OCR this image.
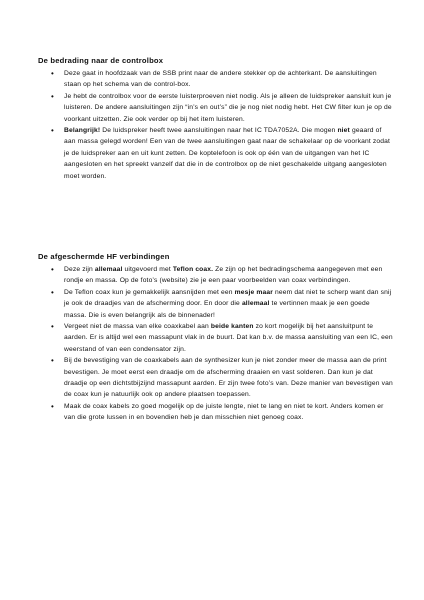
De bedrading naar de controlbox
• Deze gaat in hoofdzaak van de SSB print naar de andere stekker op de achterkant. De aansluitingen staan op het schema van de control-box.
• Je hebt de controlbox voor de eerste luisterproeven niet nodig. Als je alleen de luidspreker aansluit kun je luisteren. De andere aansluitingen zijn “in’s en out’s” die je nog niet nodig hebt. Het CW filter kun je op de voorkant uitzetten. Zie ook verder op bij het item luisteren.
• Belangrijk! De luidspreker heeft twee aansluitingen naar het IC TDA7052A. Die mogen niet geaard of aan massa gelegd worden! Een van de twee aansluitingen gaat naar de schakelaar op de voorkant zodat je de luidspreker aan en uit kunt zetten. De koptelefoon is ook op één van de uitgangen van het IC aangesloten en het spreekt vanzelf dat die in de controlbox op de niet geschakelde uitgang aangesloten moet worden.
De afgeschermde HF verbindingen
• Deze zijn allemaal uitgevoerd met Teflon coax. Ze zijn op het bedradingschema aangegeven met een rondje en massa. Op de foto’s (website) zie je een paar voorbeelden van coax verbindingen.
• De Teflon coax kun je gemakkelijk aansnijden met een mesje maar neem dat niet te scherp want dan snij je ook de draadjes van de afscherming door. En door die allemaal te vertinnen maak je een goede massa. Die is even belangrijk als de binnenader!
• Vergeet niet de massa van elke coaxkabel aan beide kanten zo kort mogelijk bij het aansluitpunt te aarden. Er is altijd wel een massapunt vlak in de buurt. Dat kan b.v. de massa aansluiting van een IC, een weerstand of van een condensator zijn.
• Bij de bevestiging van de coaxkabels aan de synthesizer kun je niet zonder meer de massa aan de print bevestigen. Je moet eerst een draadje om de afscherming draaien en vast solderen. Dan kun je dat draadje op een dichtstbijzijnd massapunt aarden. Er zijn twee foto’s van. Deze manier van bevestigen van de coax kun je natuurlijk ook op andere plaatsen toepassen.
• Maak de coax kabels zo goed mogelijk op de juiste lengte, niet te lang en niet te kort. Anders komen er van die grote lussen in en bovendien heb je dan misschien niet genoeg coax.
